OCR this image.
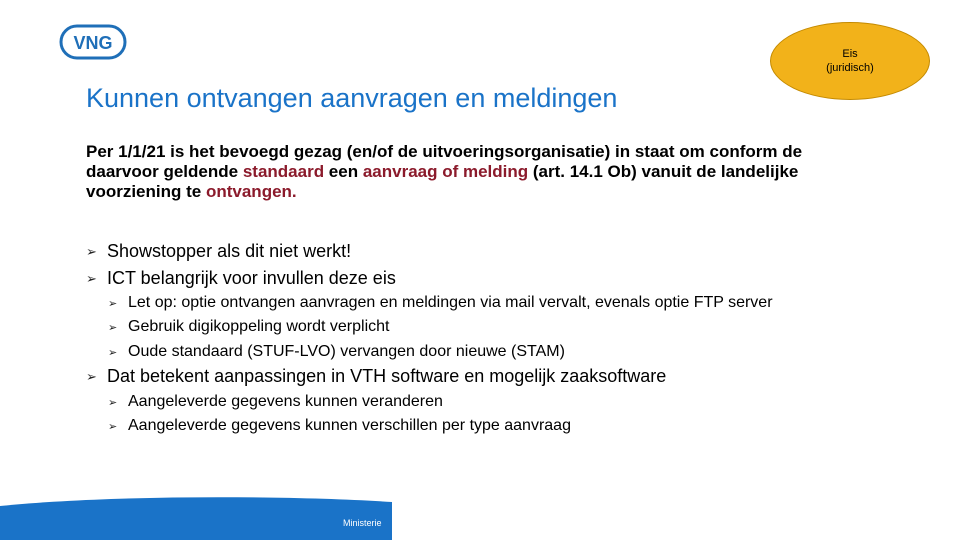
VNG
Eis
(juridisch)
Kunnen ontvangen aanvragen en meldingen

Per 1/1/21 is het bevoegd gezag (en/of de uitvoeringsorganisatie) in staat om conform de daarvoor geldende standaard een aanvraag of melding (art. 14.1 Ob) vanuit de landelijke voorziening te ontvangen.

➢ Showstopper als dit niet werkt!
➢ ICT belangrijk voor invullen deze eis
➢ Let op: optie ontvangen aanvragen en meldingen via mail vervalt, evenals optie FTP server
➢ Gebruik digikoppeling wordt verplicht
➢ Oude standaard (STUF-LVO) vervangen door nieuwe (STAM)
➢ Dat betekent aanpassingen in VTH software en mogelijk zaaksoftware
➢ Aangeleverde gegevens kunnen veranderen
➢ Aangeleverde gegevens kunnen verschillen per type aanvraag
Ministerie
